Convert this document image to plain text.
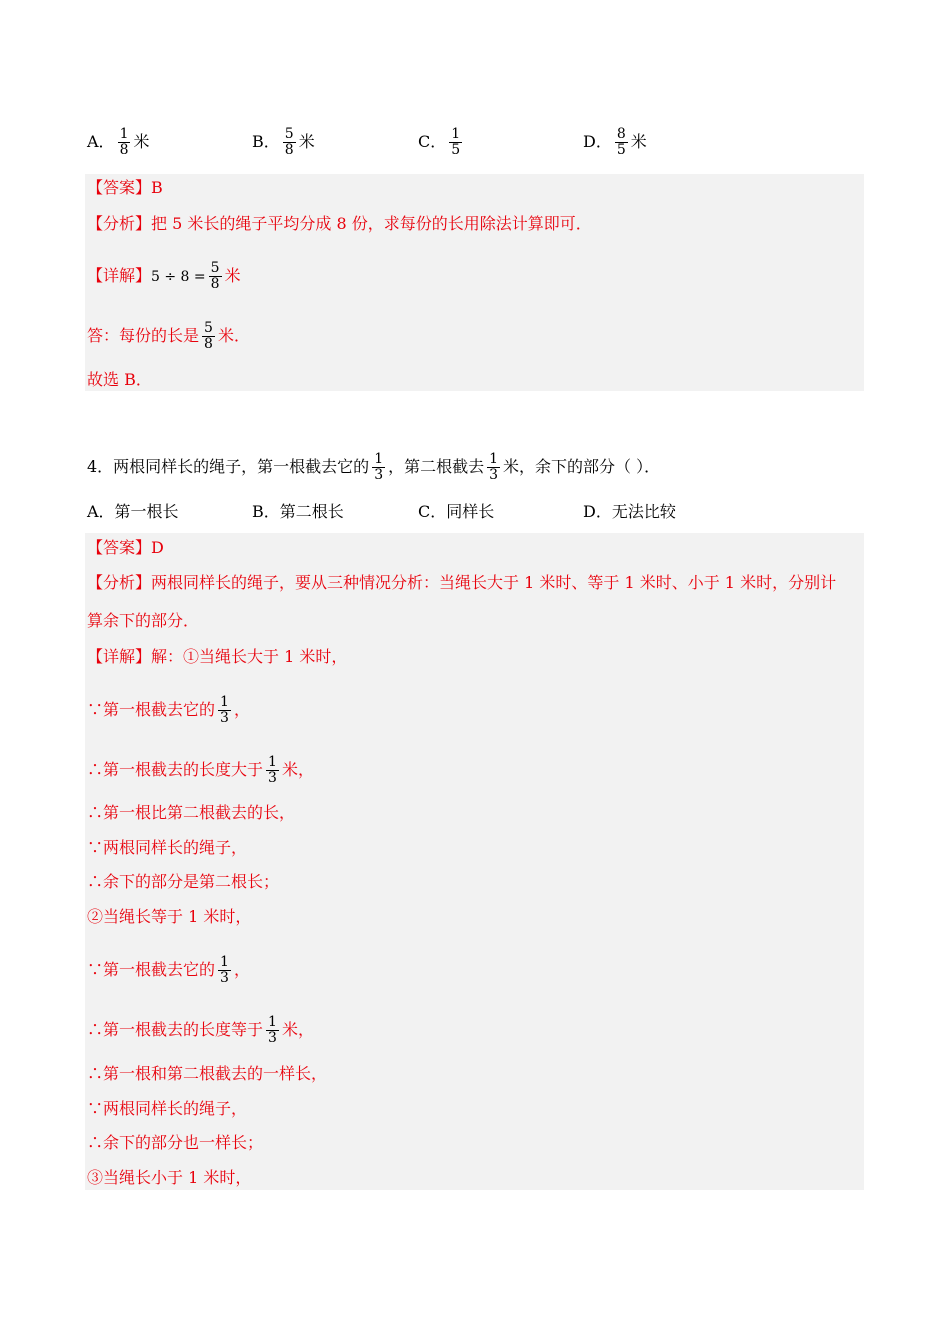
A． $\frac{1}{8}$ 米	B． $\frac{5}{8}$ 米	C． $\frac{1}{5}$	D． $\frac{8}{5}$ 米
【答案】B
【分析】把 5 米长的绳子平均分成 8 份，求每份的长用除法计算即可．
【详解】$5 \div 8 = \frac{5}{8}$ 米
答：每份的长是 $\frac{5}{8}$ 米．
故选 B．
4．两根同样长的绳子，第一根截去它的 $\frac{1}{3}$ ，第二根截去 $\frac{1}{3}$ 米，余下的部分（ ）．
A．第一根长	B．第二根长	C．同样长	D．无法比较
【答案】D
【分析】两根同样长的绳子，要从三种情况分析：当绳长大于 1 米时、等于 1 米时、小于 1 米时，分别计
算余下的部分．
【详解】解：①当绳长大于 1 米时，
∵第一根截去它的 $\frac{1}{3}$ ，
∴第一根截去的长度大于 $\frac{1}{3}$ 米，
∴第一根比第二根截去的长，
∵两根同样长的绳子，
∴余下的部分是第二根长；
②当绳长等于 1 米时，
∵第一根截去它的 $\frac{1}{3}$ ，
∴第一根截去的长度等于 $\frac{1}{3}$ 米，
∴第一根和第二根截去的一样长，
∵两根同样长的绳子，
∴余下的部分也一样长；
③当绳长小于 1 米时，
